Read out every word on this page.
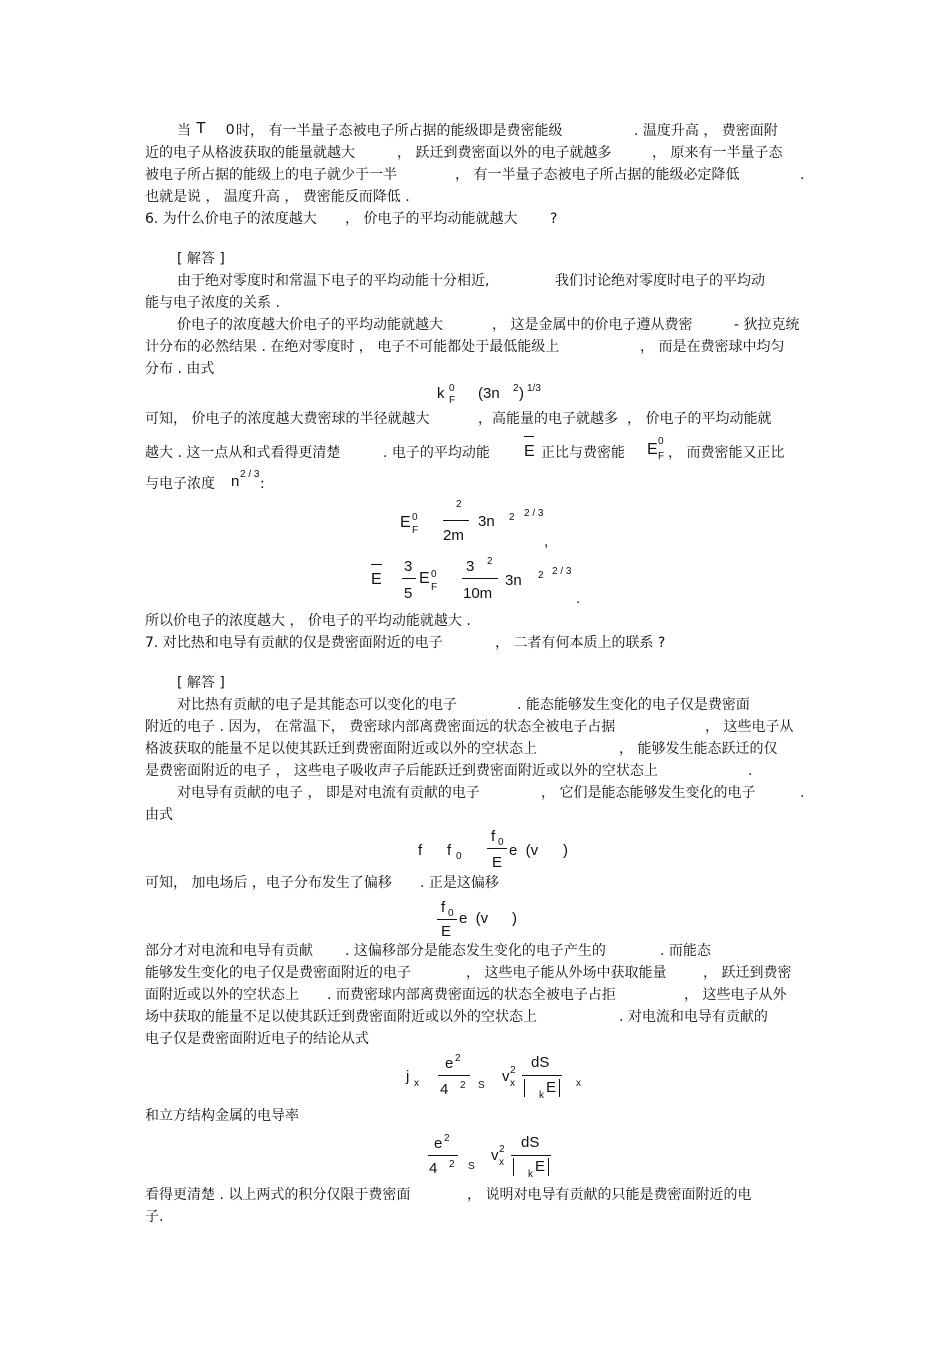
当 T 0 时， 有一半量子态被电子所占据的能级即是费密能级	. 温度升高 ， 费密面附
近的电子从格波获取的能量就越大	， 跃迁到费密面以外的电子就越多	， 原来有一半量子态
被电子所占据的能级上的电子就少于一半	， 有一半量子态被电子所占据的能级必定降低	.
也就是说 ， 温度升高 ， 费密能反而降低 .
6. 为什么价电子的浓度越大 ， 价电子的平均动能就越大 ?
[ 解答 ]
由于绝对零度时和常温下电子的平均动能十分相近,	我们讨论绝对零度时电子的平均动
能与电子浓度的关系 .
价电子的浓度越大价电子的平均动能就越大	， 这是金属中的价电子遵从费密	- 狄拉克统
计分布的必然结果 . 在绝对零度时 ， 电子不可能都处于最低能级上	， 而是在费密球中均匀
分布 . 由式
k 0
F (3n 2 ) 1/3
可知， 价电子的浓度越大费密球的半径就越大	，高能量的电子就越多 ， 价电子的平均动能就
越大 . 这一点从和式看得更清楚	. 电子的平均动能 E 正比与费密能 E 0
F ， 而费密能又正比
与电子浓度 n 2 / 3
:
E 0
F
2
2m
3n 2 2 / 3
,
E
3
5
E 0
F
3 2
10m
3n 2 2 / 3
.
所以价电子的浓度越大 ， 价电子的平均动能就越大 .
7. 对比热和电导有贡献的仅是费密面附近的电子	， 二者有何本质上的联系 ?
[ 解答 ]
对比热有贡献的电子是其能态可以变化的电子	. 能态能够发生变化的电子仅是费密面
附近的电子 . 因为， 在常温下， 费密球内部离费密面远的状态全被电子占据	， 这些电子从
格波获取的能量不足以使其跃迁到费密面附近或以外的空状态上	， 能够发生能态跃迁的仅
是费密面附近的电子 ， 这些电子吸收声子后能跃迁到费密面附近或以外的空状态上	.
对电导有贡献的电子 ， 即是对电流有贡献的电子	， 它们是能态能够发生变化的电子	.
由式
f f 0
f 0
E
e  (v )
可知， 加电场后 ，电子分布发生了偏移 . 正是这偏移
f 0
E
e  (v )
部分才对电流和电导有贡献 . 这偏移部分是能态发生变化的电子产生的	. 而能态
能够发生变化的电子仅是费密面附近的电子	， 这些电子能从外场中获取能量	， 跃迁到费密
面附近或以外的空状态上 . 而费密球内部离费密面远的状态全被电子占拒	， 这些电子从外
场中获取的能量不足以使其跃迁到费密面附近或以外的空状态上	. 对电流和电导有贡献的
电子仅是费密面附近电子的结论从式
j x
e 2
4 2 S
v 2
x
dS
k E x
和立方结构金属的电导率
e 2
4 2 S
v 2
x
dS
k E
看得更清楚 . 以上两式的积分仅限于费密面	， 说明对电导有贡献的只能是费密面附近的电
子.
